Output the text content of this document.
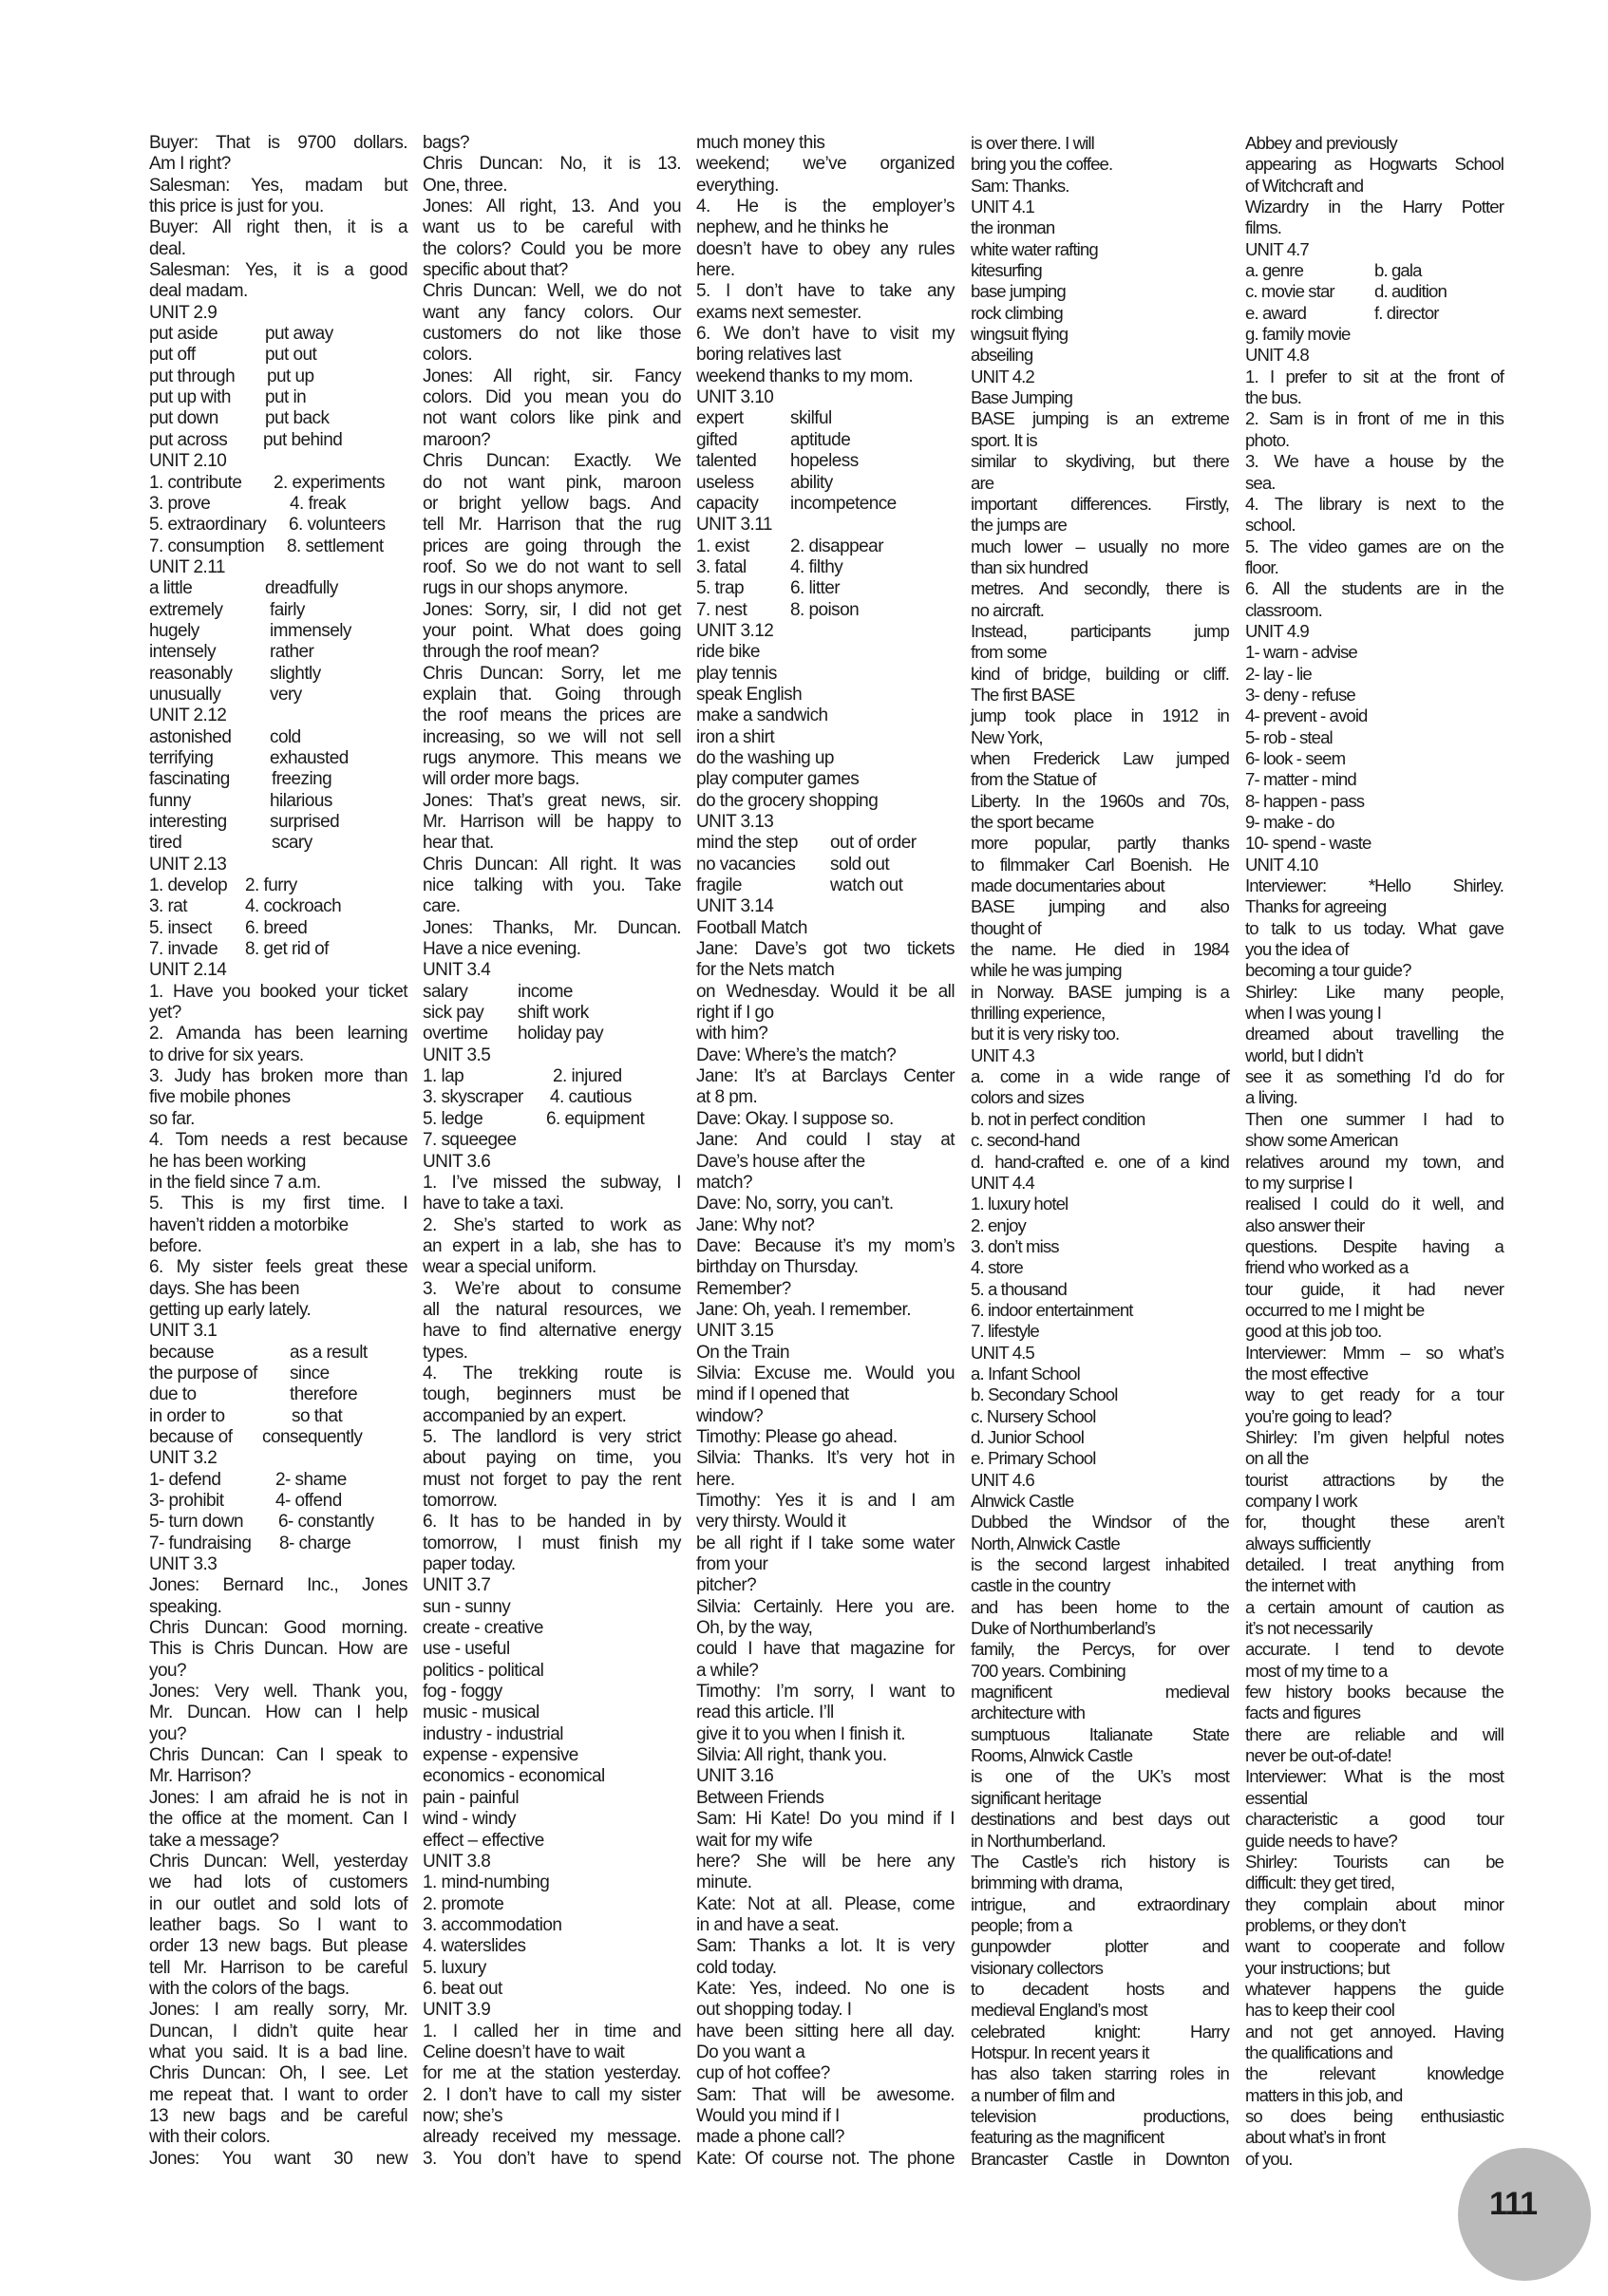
Buyer: That is 9700 dollars.
Am I right?
Salesman: Yes, madam but
this price is just for you.
Buyer: All right then, it is a
deal.
Salesman: Yes, it is a good
deal madam.
UNIT 2.9
put aside	put away
put off	put out
put through	put up
put up with	put in
put down	put back
put across	put behind
UNIT 2.10
1. contribute	2. experiments
3. prove	4. freak
5. extraordinary	6. volunteers
7. consumption	8. settlement
UNIT 2.11
a little	dreadfully
extremely	fairly
hugely	immensely
intensely	rather
reasonably	slightly
unusually	very
UNIT 2.12
astonished	cold
terrifying	exhausted
fascinating	freezing
funny	hilarious
interesting	surprised
tired	scary
UNIT 2.13
1. develop 2. furry
3. rat	4. cockroach
5. insect	6. breed
7. invade	8. get rid of
UNIT 2.14
1. Have you booked your ticket
yet?
2. Amanda has been learning
to drive for six years.
3. Judy has broken more than
five mobile phones
so far.
4. Tom needs a rest because
he has been working
in the field since 7 a.m.
5. This is my first time. I
haven’t ridden a motorbike
before.
6. My sister feels great these
days. She has been
getting up early lately.
UNIT 3.1
because	as a result
the purpose of	since
due to	therefore
in order to	so that
because of	consequently
UNIT 3.2
1- defend	2- shame
3- prohibit	4- offend
5- turn down	6- constantly
7- fundraising	8- charge
UNIT 3.3
Jones: Bernard Inc., Jones
speaking.
Chris Duncan: Good morning.
This is Chris Duncan. How are
you?
Jones: Very well. Thank you,
Mr. Duncan. How can I help
you?
Chris Duncan: Can I speak to
Mr. Harrison?
Jones: I am afraid he is not in
the office at the moment. Can I
take a message?
Chris Duncan: Well, yesterday
we had lots of customers
in our outlet and sold lots of
leather bags. So I want to
order 13 new bags. But please
tell Mr. Harrison to be careful
with the colors of the bags.
Jones: I am really sorry, Mr.
Duncan, I didn’t quite hear
what you said. It is a bad line.
Chris Duncan: Oh, I see. Let
me repeat that. I want to order
13 new bags and be careful
with their colors.
Jones: You want 30 new
bags?
Chris Duncan: No, it is 13.
One, three.
Jones: All right, 13. And you
want us to be careful with
the colors? Could you be more
specific about that?
Chris Duncan: Well, we do not
want any fancy colors. Our
customers do not like those
colors.
Jones: All right, sir. Fancy
colors. Did you mean you do
not want colors like pink and
maroon?
Chris Duncan: Exactly. We
do not want pink, maroon
or bright yellow bags. And
tell Mr. Harrison that the rug
prices are going through the
roof. So we do not want to sell
rugs in our shops anymore.
Jones: Sorry, sir, I did not get
your point. What does going
through the roof mean?
Chris Duncan: Sorry, let me
explain that. Going through
the roof means the prices are
increasing, so we will not sell
rugs anymore. This means we
will order more bags.
Jones: That’s great news, sir.
Mr. Harrison will be happy to
hear that.
Chris Duncan: All right. It was
nice talking with you. Take
care.
Jones: Thanks, Mr. Duncan.
Have a nice evening.
UNIT 3.4
salary	income
sick pay	shift work
overtime	holiday pay
UNIT 3.5
1. lap	2. injured
3. skyscraper	4. cautious
5. ledge	6. equipment
7. squeegee
UNIT 3.6
1. I’ve missed the subway, I
have to take a taxi.
2. She’s started to work as
an expert in a lab, she has to
wear a special uniform.
3. We’re about to consume
all the natural resources, we
have to find alternative energy
types.
4. The trekking route is
tough, beginners must be
accompanied by an expert.
5. The landlord is very strict
about paying on time, you
must not forget to pay the rent
tomorrow.
6. It has to be handed in by
tomorrow, I must finish my
paper today.
UNIT 3.7
sun - sunny
create - creative
use - useful
politics - political
fog - foggy
music - musical
industry - industrial
expense - expensive
economics - economical
pain - painful
wind - windy
effect – effective
UNIT 3.8
1. mind-numbing
2. promote
3. accommodation
4. waterslides
5. luxury
6. beat out
UNIT 3.9
1. I called her in time and
Celine doesn’t have to wait
for me at the station yesterday.
2. I don’t have to call my sister
now; she’s
already received my message.
3. You don’t have to spend
much money this
weekend; we’ve organized
everything.
4. He is the employer’s
nephew, and he thinks he
doesn’t have to obey any rules
here.
5. I don’t have to take any
exams next semester.
6. We don’t have to visit my
boring relatives last
weekend thanks to my mom.
UNIT 3.10
expert	skilful
gifted	aptitude
talented	hopeless
useless	ability
capacity	incompetence
UNIT 3.11
1. exist	2. disappear
3. fatal	4. filthy
5. trap	6. litter
7. nest	8. poison
UNIT 3.12
ride bike
play tennis
speak English
make a sandwich
iron a shirt
do the washing up
play computer games
do the grocery shopping
UNIT 3.13
mind the step	out of order
no vacancies	sold out
fragile	watch out
UNIT 3.14
Football Match
Jane: Dave’s got two tickets
for the Nets match
on Wednesday. Would it be all
right if I go
with him?
Dave: Where’s the match?
Jane: It’s at Barclays Center
at 8 pm.
Dave: Okay. I suppose so.
Jane: And could I stay at
Dave’s house after the
match?
Dave: No, sorry, you can’t.
Jane: Why not?
Dave: Because it’s my mom’s
birthday on Thursday.
Remember?
Jane: Oh, yeah. I remember.
UNIT 3.15
On the Train
Silvia: Excuse me. Would you
mind if I opened that
window?
Timothy: Please go ahead.
Silvia: Thanks. It’s very hot in
here.
Timothy: Yes it is and I am
very thirsty. Would it
be all right if I take some water
from your
pitcher?
Silvia: Certainly. Here you are.
Oh, by the way,
could I have that magazine for
a while?
Timothy: I’m sorry, I want to
read this article. I’ll
give it to you when I finish it.
Silvia: All right, thank you.
UNIT 3.16
Between Friends
Sam: Hi Kate! Do you mind if I
wait for my wife
here? She will be here any
minute.
Kate: Not at all. Please, come
in and have a seat.
Sam: Thanks a lot. It is very
cold today.
Kate: Yes, indeed. No one is
out shopping today. I
have been sitting here all day.
Do you want a
cup of hot coffee?
Sam: That will be awesome.
Would you mind if I
made a phone call?
Kate: Of course not. The phone
is over there. I will
bring you the coffee.
Sam: Thanks.
UNIT 4.1
the ironman
white water rafting
kitesurfing
base jumping
rock climbing
wingsuit flying
abseiling
UNIT 4.2
Base Jumping
BASE jumping is an extreme
sport. It is
similar to skydiving, but there
are
important differences. Firstly,
the jumps are
much lower – usually no more
than six hundred
metres. And secondly, there is
no aircraft.
Instead, participants jump
from some
kind of bridge, building or cliff.
The first BASE
jump took place in 1912 in
New York,
when Frederick Law jumped
from the Statue of
Liberty. In the 1960s and 70s,
the sport became
more popular, partly thanks
to filmmaker Carl Boenish. He
made documentaries about
BASE jumping and also
thought of
the name. He died in 1984
while he was jumping
in Norway. BASE jumping is a
thrilling experience,
but it is very risky too.
UNIT 4.3
a. come in a wide range of
colors and sizes
b. not in perfect condition
c. second-hand
d. hand-crafted e. one of a kind
UNIT 4.4
1. luxury hotel
2. enjoy
3. don’t miss
4. store
5. a thousand
6. indoor entertainment
7. lifestyle
UNIT 4.5
a. Infant School
b. Secondary School
c. Nursery School
d. Junior School
e. Primary School
UNIT 4.6
Alnwick Castle
Dubbed the Windsor of the
North, Alnwick Castle
is the second largest inhabited
castle in the country
and has been home to the
Duke of Northumberland’s
family, the Percys, for over
700 years. Combining
magnificent medieval
architecture with
sumptuous Italianate State
Rooms, Alnwick Castle
is one of the UK’s most
significant heritage
destinations and best days out
in Northumberland.
The Castle’s rich history is
brimming with drama,
intrigue, and extraordinary
people; from a
gunpowder plotter and
visionary collectors
to decadent hosts and
medieval England’s most
celebrated knight: Harry
Hotspur. In recent years it
has also taken starring roles in
a number of film and
television productions,
featuring as the magnificent
Brancaster Castle in Downton
Abbey and previously
appearing as Hogwarts School
of Witchcraft and
Wizardry in the Harry Potter
films.
UNIT 4.7
a. genre	b. gala
c. movie star	d. audition
e. award	f. director
g. family movie
UNIT 4.8
1. I prefer to sit at the front of
the bus.
2. Sam is in front of me in this
photo.
3. We have a house by the
sea.
4. The library is next to the
school.
5. The video games are on the
floor.
6. All the students are in the
classroom.
UNIT 4.9
1- warn - advise
2- lay - lie
3- deny - refuse
4- prevent - avoid
5- rob - steal
6- look - seem
7- matter - mind
8- happen - pass
9- make - do
10- spend - waste
UNIT 4.10
Interviewer: *Hello Shirley.
Thanks for agreeing
to talk to us today. What gave
you the idea of
becoming a tour guide?
Shirley: Like many people,
when I was young I
dreamed about travelling the
world, but I didn’t
see it as something I’d do for
a living.
Then one summer I had to
show some American
relatives around my town, and
to my surprise I
realised I could do it well, and
also answer their
questions. Despite having a
friend who worked as a
tour guide, it had never
occurred to me I might be
good at this job too.
Interviewer: Mmm – so what’s
the most effective
way to get ready for a tour
you’re going to lead?
Shirley: I’m given helpful notes
on all the
tourist attractions by the
company I work
for, thought these aren’t
always sufficiently
detailed. I treat anything from
the internet with
a certain amount of caution as
it’s not necessarily
accurate. I tend to devote
most of my time to a
few history books because the
facts and figures
there are reliable and will
never be out-of-date!
Interviewer: What is the most
essential
characteristic a good tour
guide needs to have?
Shirley: Tourists can be
difficult: they get tired,
they complain about minor
problems, or they don’t
want to cooperate and follow
your instructions; but
whatever happens the guide
has to keep their cool
and not get annoyed. Having
the qualifications and
the relevant knowledge
matters in this job, and
so does being enthusiastic
about what’s in front
of you.
111
